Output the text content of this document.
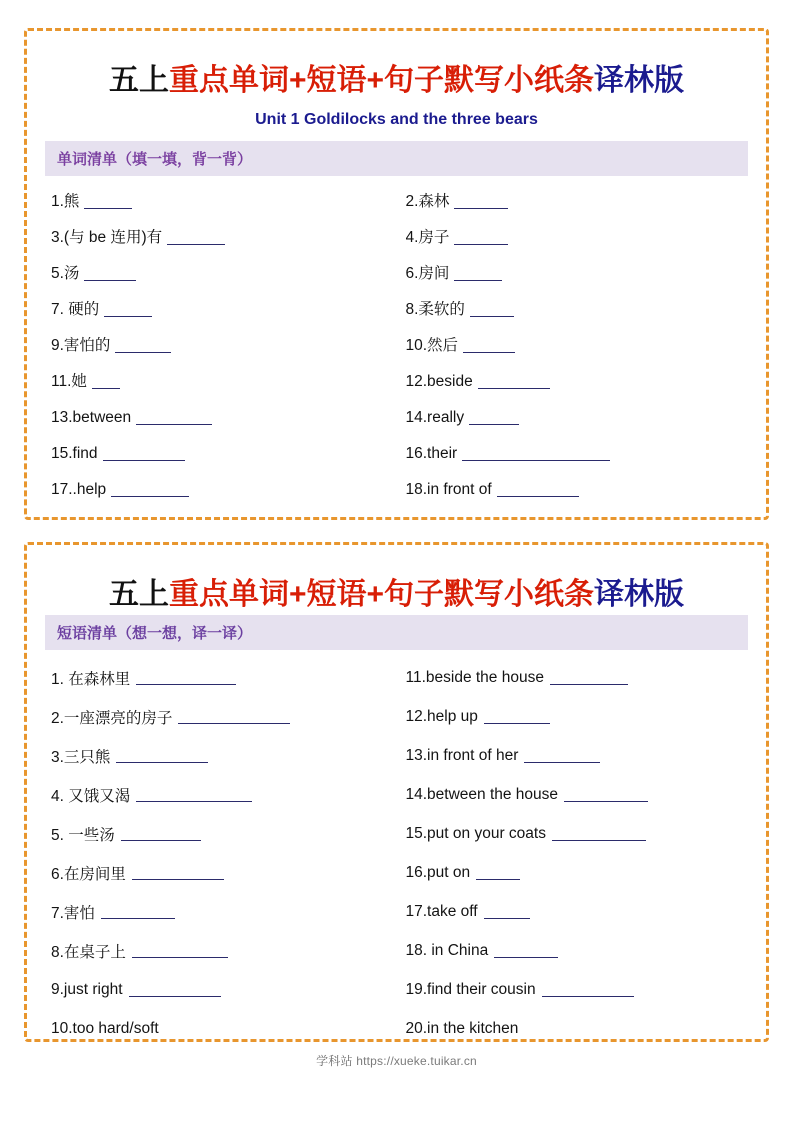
五上重点单词+短语+句子默写小纸条译林版
Unit 1 Goldilocks and the three bears
单词清单（填一填，背一背）
1.熊	2.森林
3.(与 be 连用)有	4.房子
5.汤	6.房间
7. 硬的	8.柔软的
9.害怕的	10.然后
11.她	12.beside
13.between	14.really
15.find	16.their
17..help	18.in front of
五上重点单词+短语+句子默写小纸条译林版
短语清单（想一想，译一译）
1. 在森林里	11.beside the house
2.一座漂亮的房子	12.help up
3.三只熊	13.in front of her
4. 又饿又渴	14.between the house
5. 一些汤	15.put on your coats
6.在房间里	16.put on
7.害怕	17.take off
8.在桌子上	18. in China
9.just right	19.find their cousin
10.too hard/soft	20.in the kitchen
学科站 https://xueke.tuikar.cn
